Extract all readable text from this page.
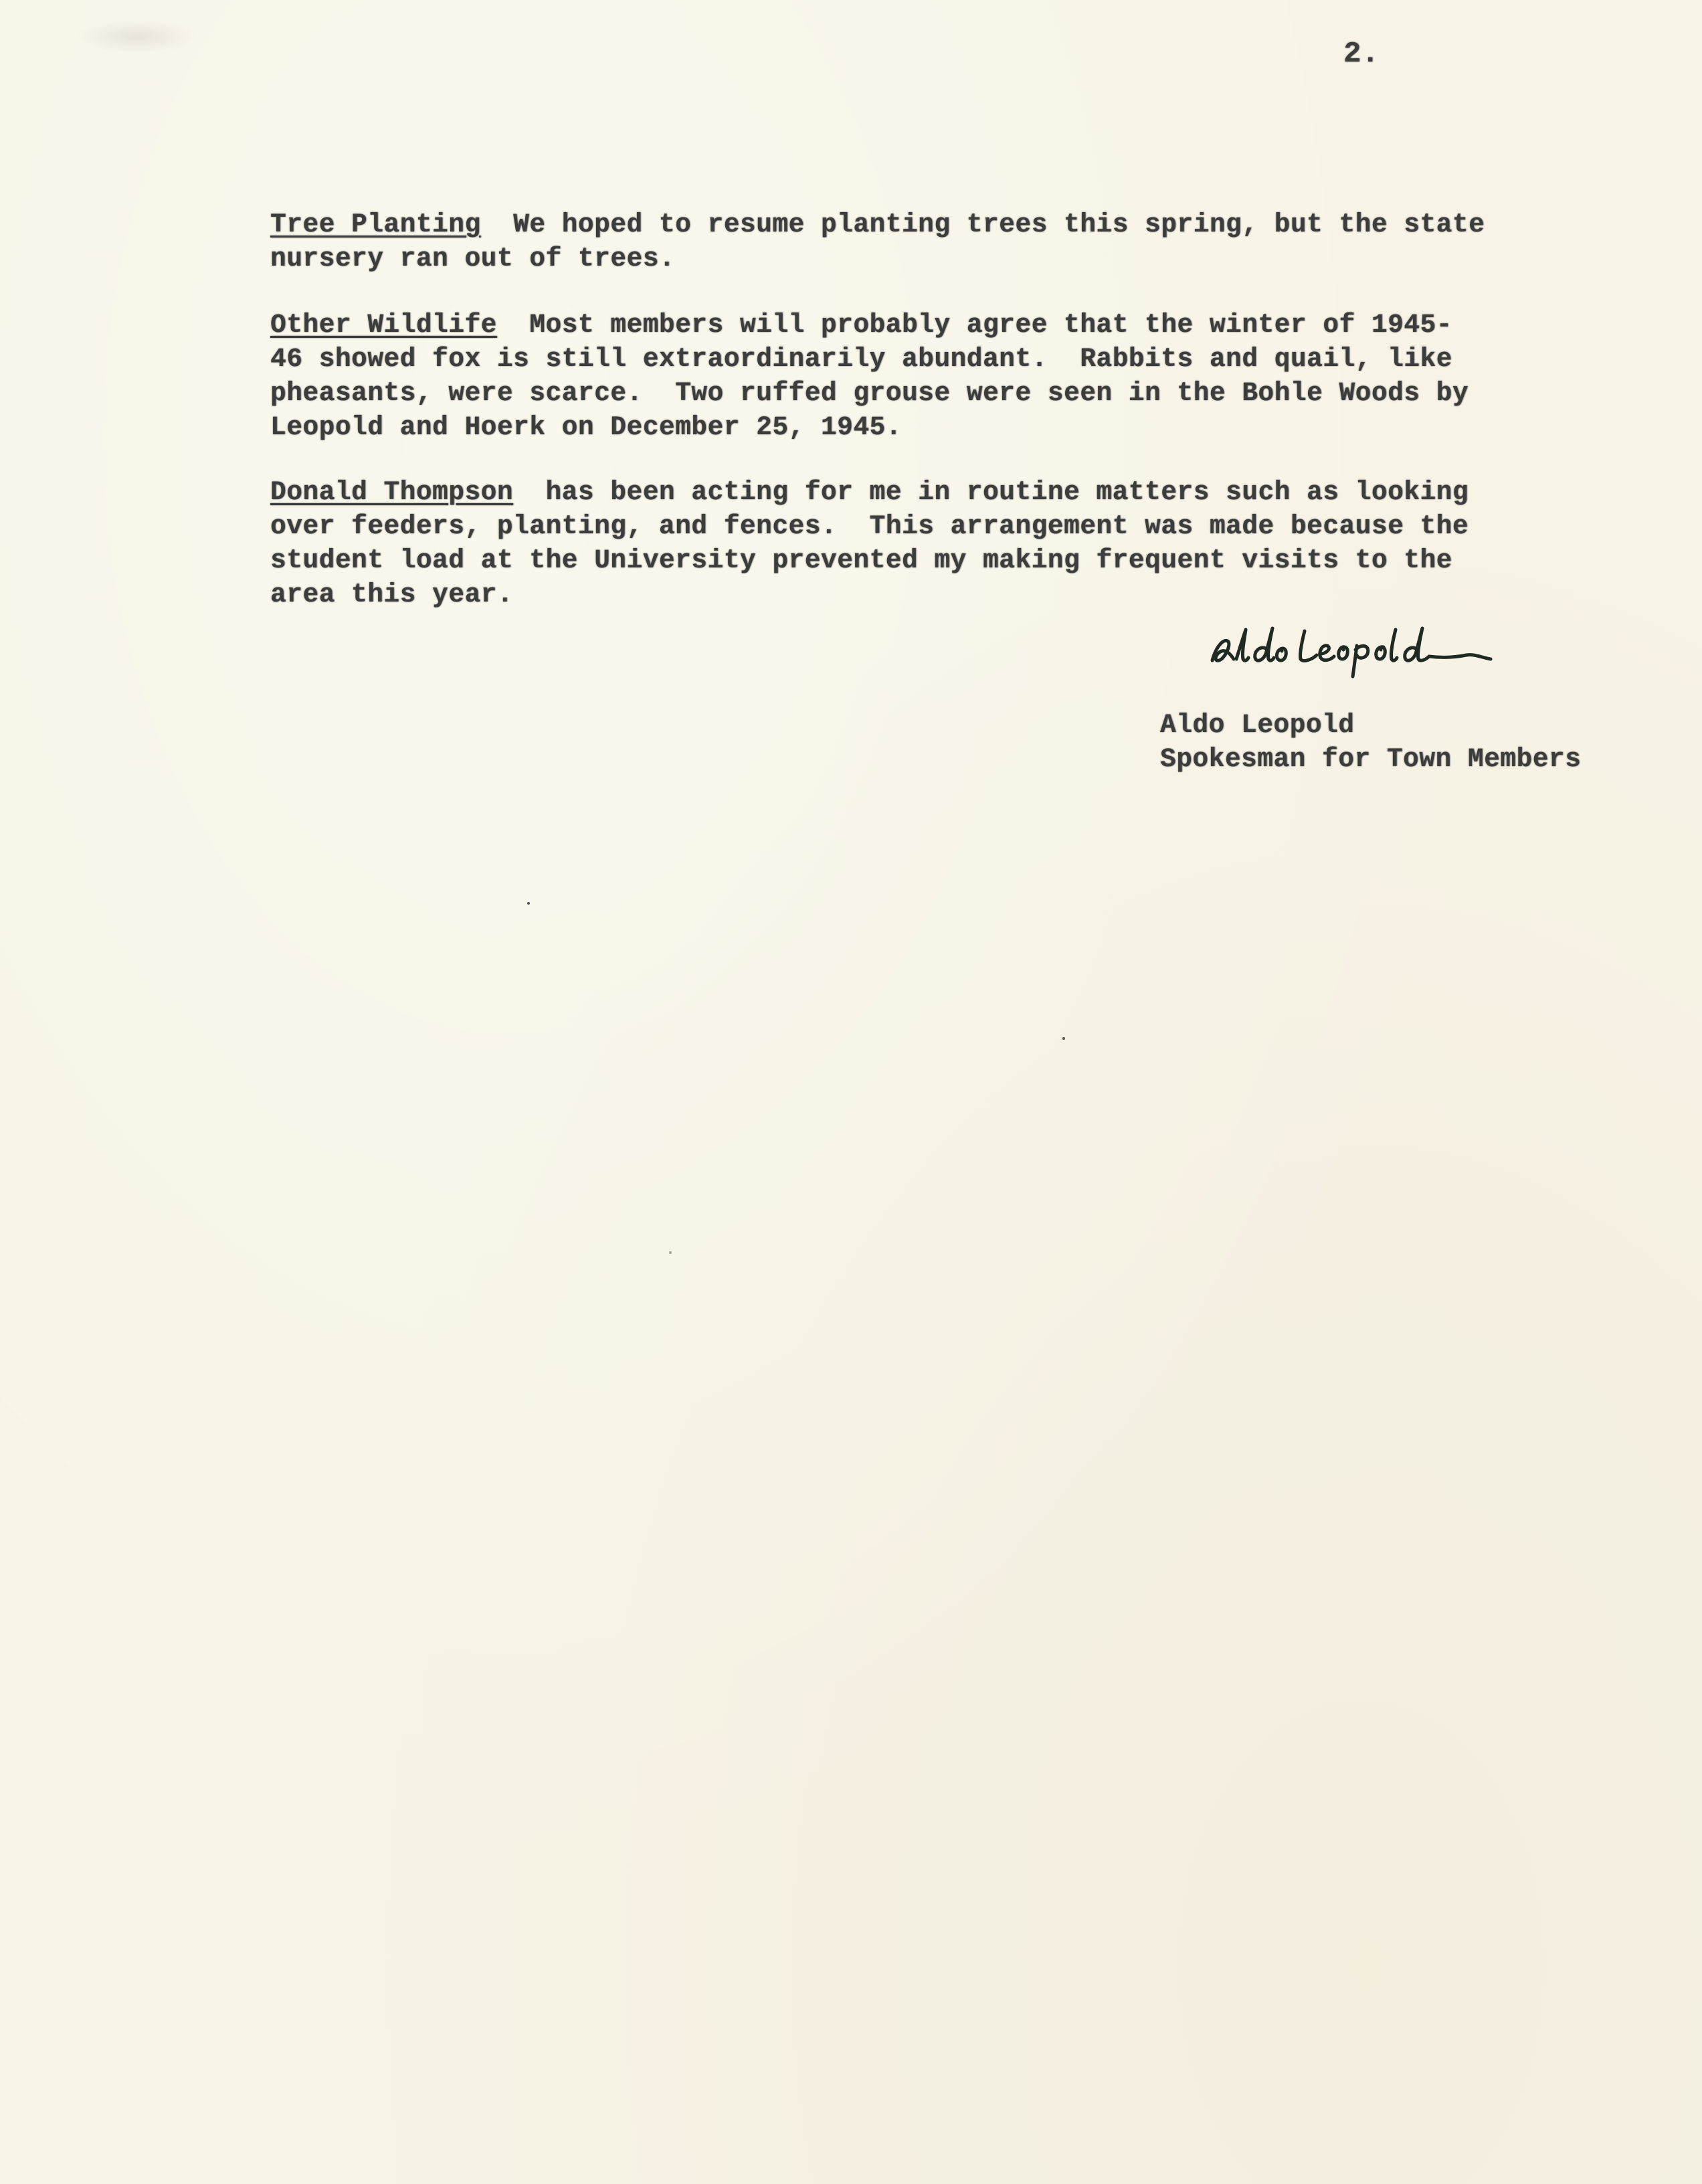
2.

Tree Planting  We hoped to resume planting trees this spring, but the state
nursery ran out of trees.

Other Wildlife  Most members will probably agree that the winter of 1945-
46 showed fox is still extraordinarily abundant.  Rabbits and quail, like
pheasants, were scarce.  Two ruffed grouse were seen in the Bohle Woods by
Leopold and Hoerk on December 25, 1945.

Donald Thompson  has been acting for me in routine matters such as looking
over feeders, planting, and fences.  This arrangement was made because the
student load at the University prevented my making frequent visits to the
area this year.

Aldo Leopold
Spokesman for Town Members
